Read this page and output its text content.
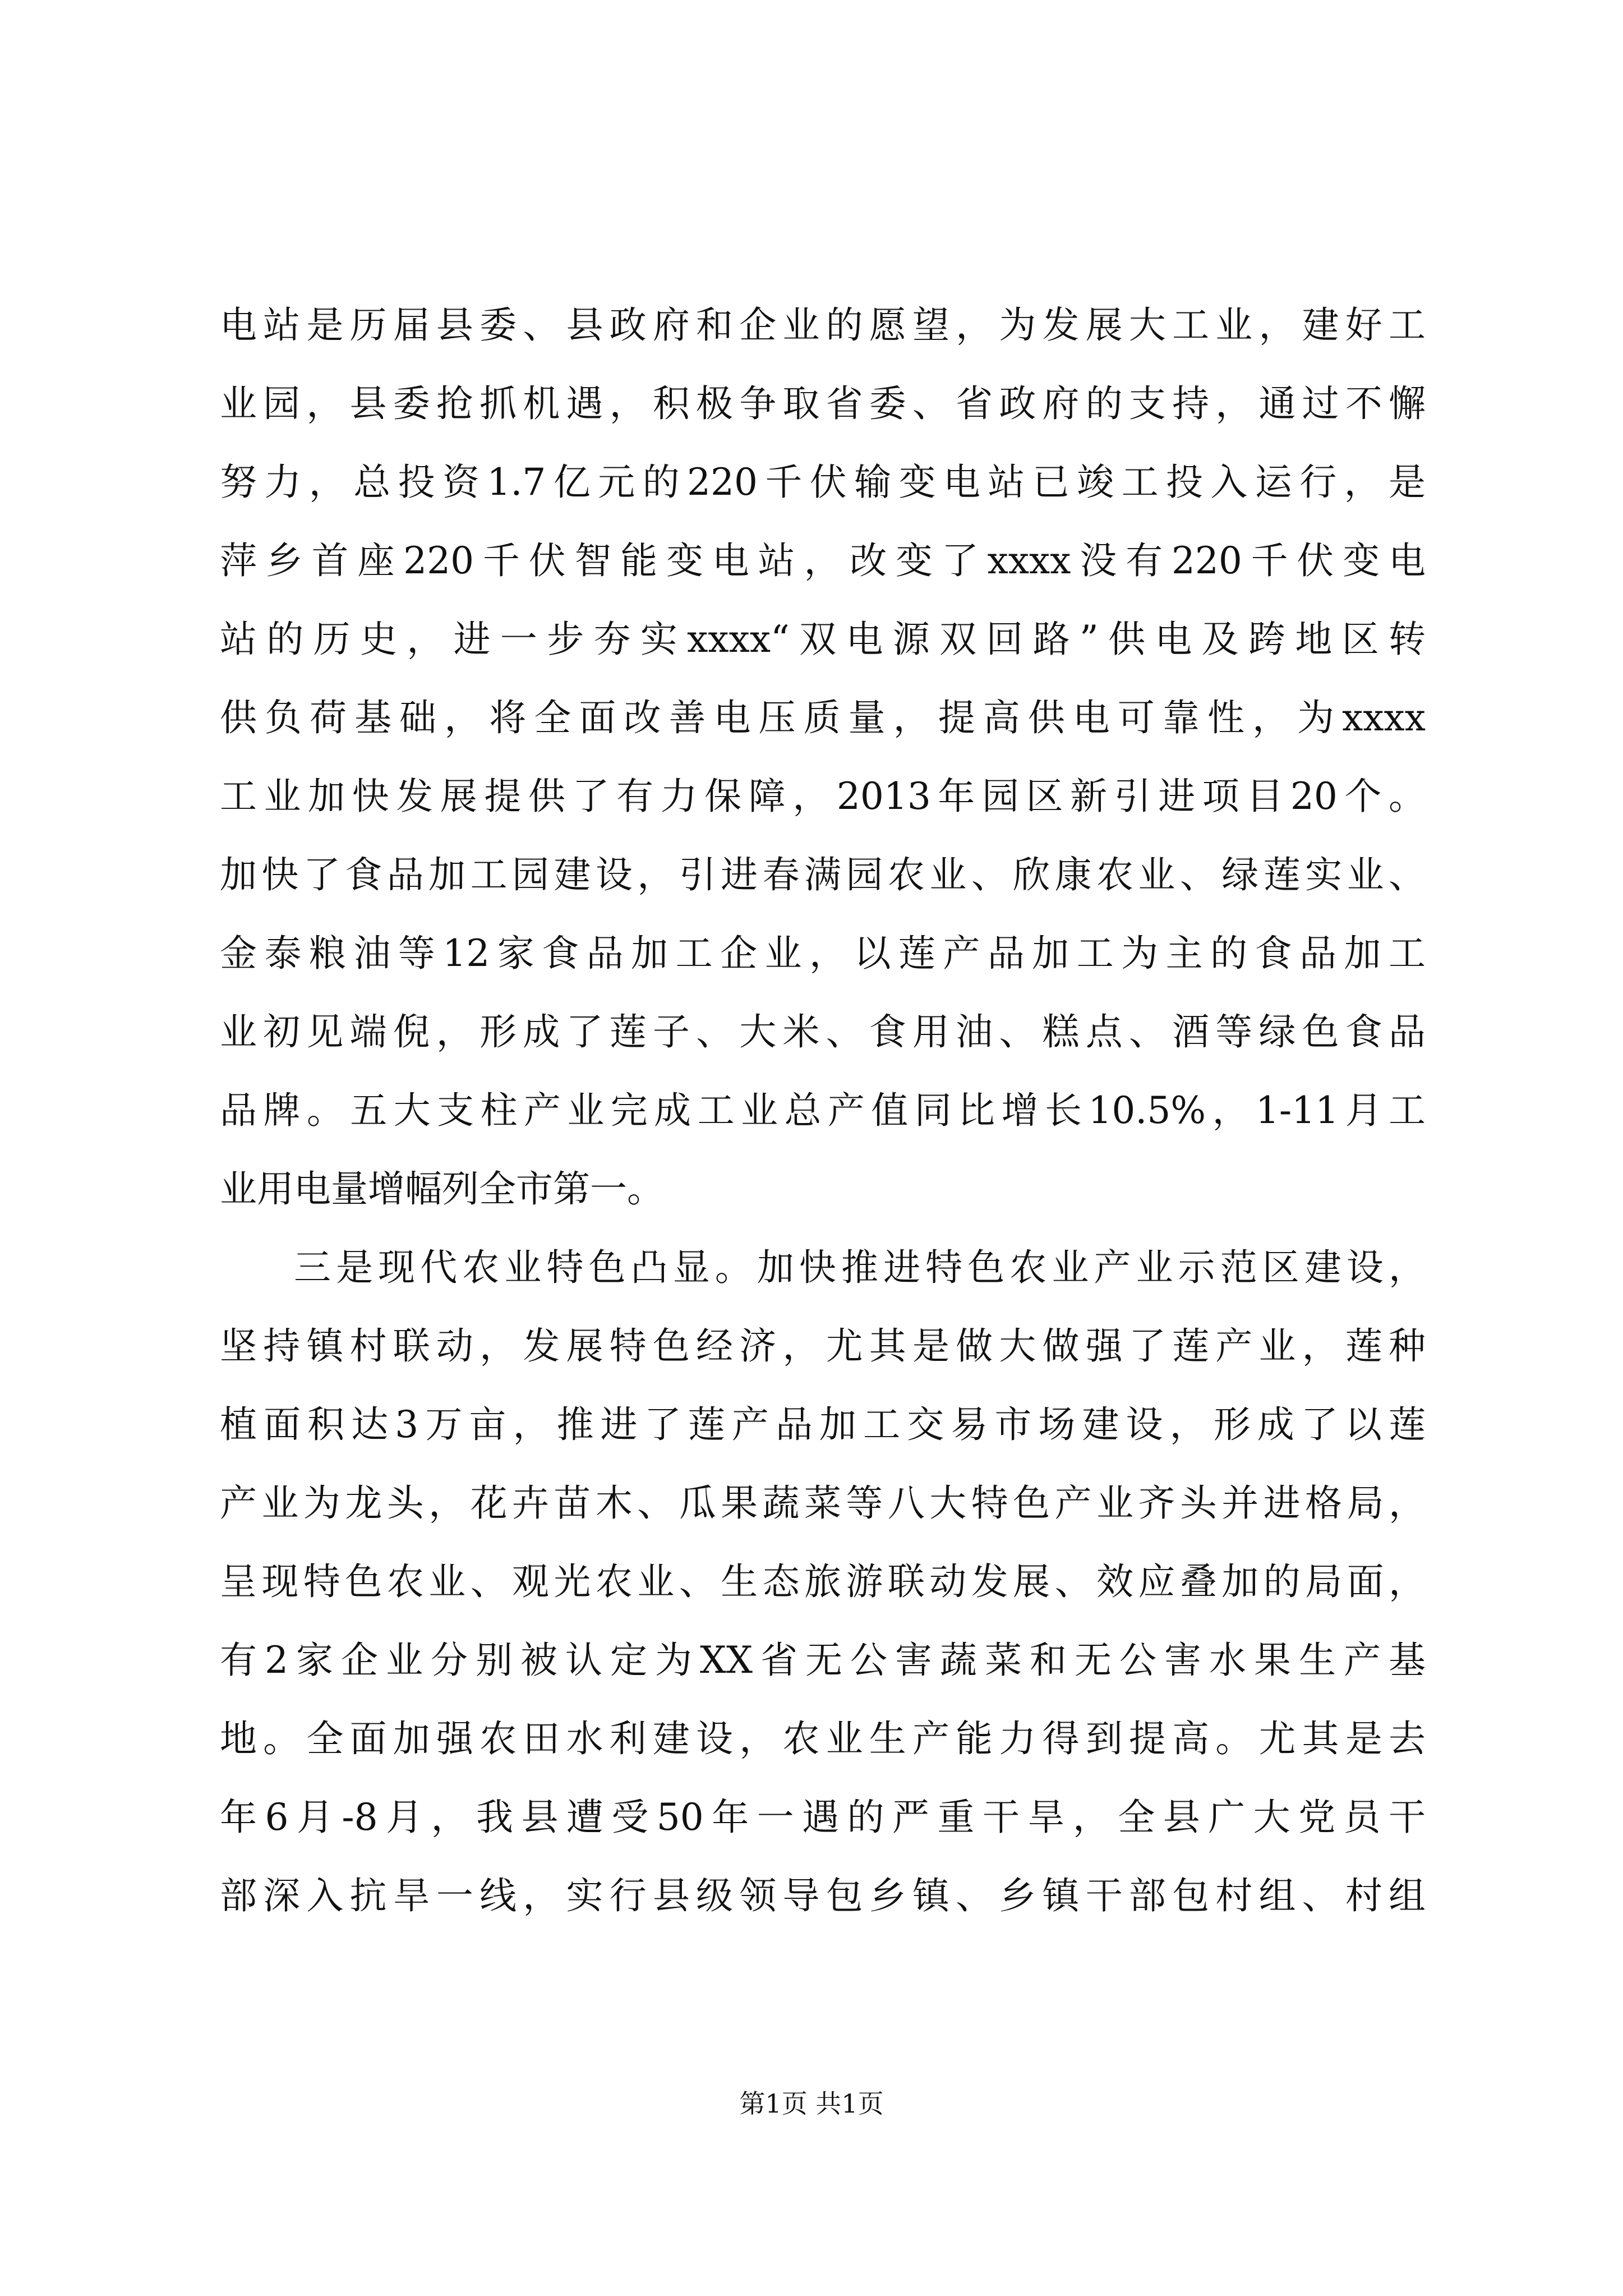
电站是历届县委、县政府和企业的愿望，为发展大工业，建好工
业园，县委抢抓机遇，积极争取省委、省政府的支持，通过不懈
努力，总投资1.7亿元的220千伏输变电站已竣工投入运行，是
萍乡首座220千伏智能变电站，改变了xxxx没有220千伏变电
站的历史，进一步夯实xxxx“双电源双回路”供电及跨地区转
供负荷基础，将全面改善电压质量，提高供电可靠性，为xxxx
工业加快发展提供了有力保障，2013年园区新引进项目20个。
加快了食品加工园建设，引进春满园农业、欣康农业、绿莲实业、
金泰粮油等12家食品加工企业，以莲产品加工为主的食品加工
业初见端倪，形成了莲子、大米、食用油、糕点、酒等绿色食品
品牌。五大支柱产业完成工业总产值同比增长10.5%，1-11月工
业用电量增幅列全市第一。
三是现代农业特色凸显。加快推进特色农业产业示范区建设，
坚持镇村联动，发展特色经济，尤其是做大做强了莲产业，莲种
植面积达3万亩，推进了莲产品加工交易市场建设，形成了以莲
产业为龙头，花卉苗木、瓜果蔬菜等八大特色产业齐头并进格局，
呈现特色农业、观光农业、生态旅游联动发展、效应叠加的局面，
有2家企业分别被认定为XX省无公害蔬菜和无公害水果生产基
地。全面加强农田水利建设，农业生产能力得到提高。尤其是去
年6月-8月，我县遭受50年一遇的严重干旱，全县广大党员干
部深入抗旱一线，实行县级领导包乡镇、乡镇干部包村组、村组
第1页 共1页
